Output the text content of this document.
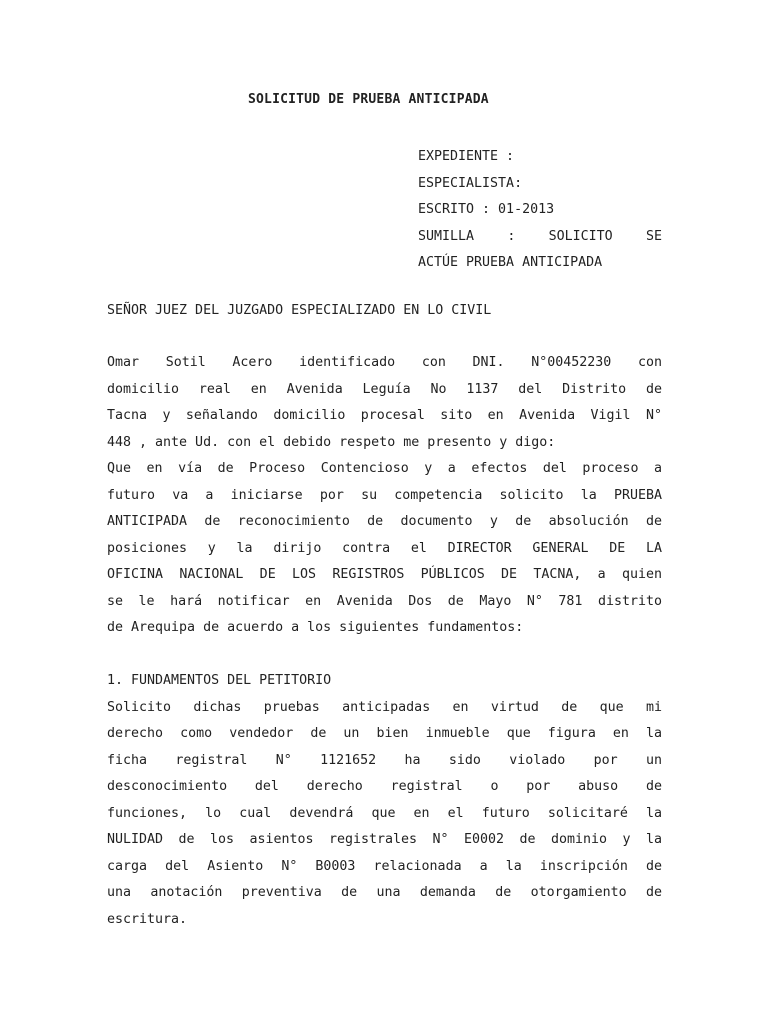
SOLICITUD DE PRUEBA ANTICIPADA
EXPEDIENTE :
ESPECIALISTA:
ESCRITO : 01-2013
SUMILLA : SOLICITO SE
ACTÚE PRUEBA ANTICIPADA
SEÑOR JUEZ DEL JUZGADO ESPECIALIZADO EN LO CIVIL
Omar Sotil Acero identificado con DNI. N°00452230 con
domicilio real en Avenida Leguía No 1137 del Distrito de
Tacna y señalando domicilio procesal sito en Avenida Vigil N°
448 , ante Ud. con el debido respeto me presento y digo:
Que en vía de Proceso Contencioso y a efectos del proceso a
futuro va a iniciarse por su competencia solicito la PRUEBA
ANTICIPADA de reconocimiento de documento y de absolución de
posiciones y la dirijo contra el DIRECTOR GENERAL DE LA
OFICINA NACIONAL DE LOS REGISTROS PÚBLICOS DE TACNA, a quien
se le hará notificar en Avenida Dos de Mayo N° 781 distrito
de Arequipa de acuerdo a los siguientes fundamentos:
1. FUNDAMENTOS DEL PETITORIO
Solicito dichas pruebas anticipadas en virtud de que mi
derecho como vendedor de un bien inmueble que figura en la
ficha registral N° 1121652 ha sido violado por un
desconocimiento del derecho registral o por abuso de
funciones, lo cual devendrá que en el futuro solicitaré la
NULIDAD de los asientos registrales N° E0002 de dominio y la
carga del Asiento N° B0003 relacionada a la inscripción de
una anotación preventiva de una demanda de otorgamiento de
escritura.
